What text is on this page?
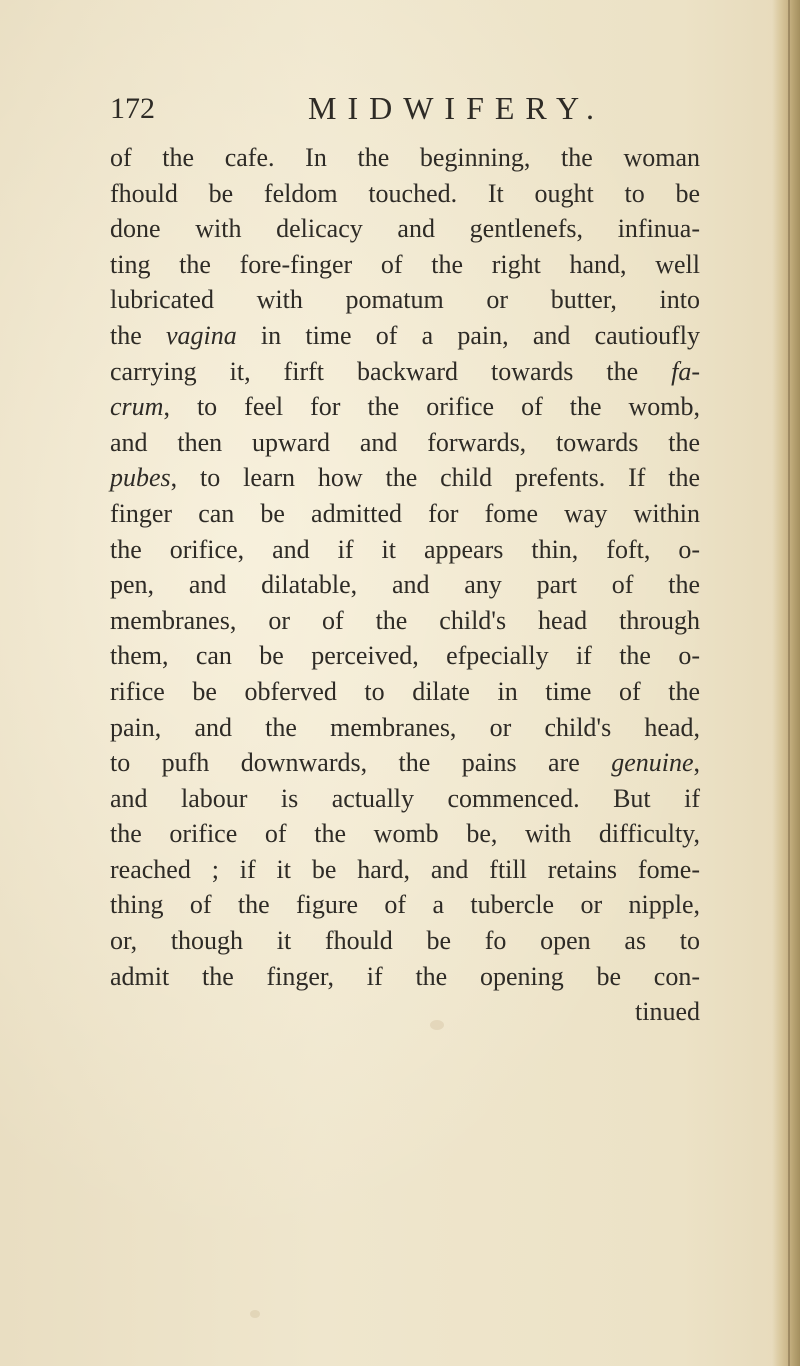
172	MIDWIFERY.
of the cafe. In the beginning, the woman
fhould be feldom touched. It ought to be
done with delicacy and gentlenefs, infinua-
ting the fore-finger of the right hand, well
lubricated with pomatum or butter, into
the vagina in time of a pain, and cautioufly
carrying it, firft backward towards the fa-
crum, to feel for the orifice of the womb,
and then upward and forwards, towards the
pubes, to learn how the child prefents. If the
finger can be admitted for fome way within
the orifice, and if it appears thin, foft, o-
pen, and dilatable, and any part of the
membranes, or of the child's head through
them, can be perceived, efpecially if the o-
rifice be obferved to dilate in time of the
pain, and the membranes, or child's head,
to pufh downwards, the pains are genuine,
and labour is actually commenced. But if
the orifice of the womb be, with difficulty,
reached ; if it be hard, and ftill retains fome-
thing of the figure of a tubercle or nipple,
or, though it fhould be fo open as to
admit the finger, if the opening be con-
tinued
